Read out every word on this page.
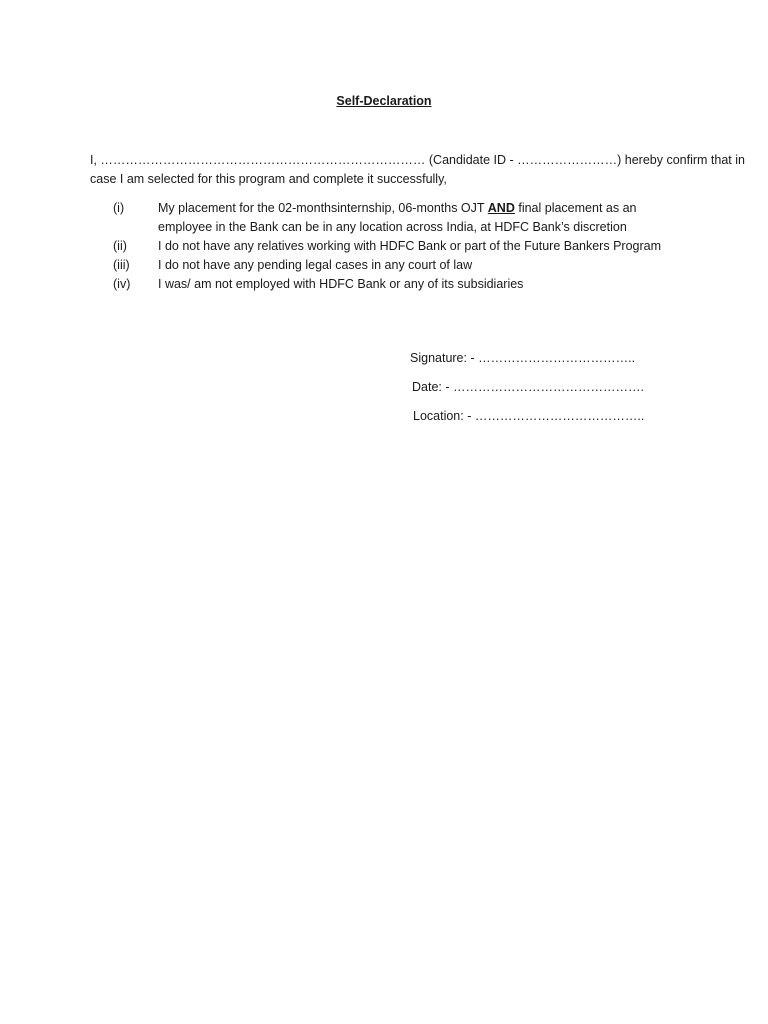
Self-Declaration
I, …………………………………………………………………… (Candidate ID - ……………………) hereby confirm that in
case I am selected for this program and complete it successfully,
(i)	My placement for the 02-monthsinternship, 06-months OJT AND final placement as an
employee in the Bank can be in any location across India, at HDFC Bank’s discretion
(ii)	I do not have any relatives working with HDFC Bank or part of the Future Bankers Program
(iii)	I do not have any pending legal cases in any court of law
(iv)	I was/ am not employed with HDFC Bank or any of its subsidiaries
Signature: - ………………………………..
Date: - ……………………………………….
Location: - …………………………………..
